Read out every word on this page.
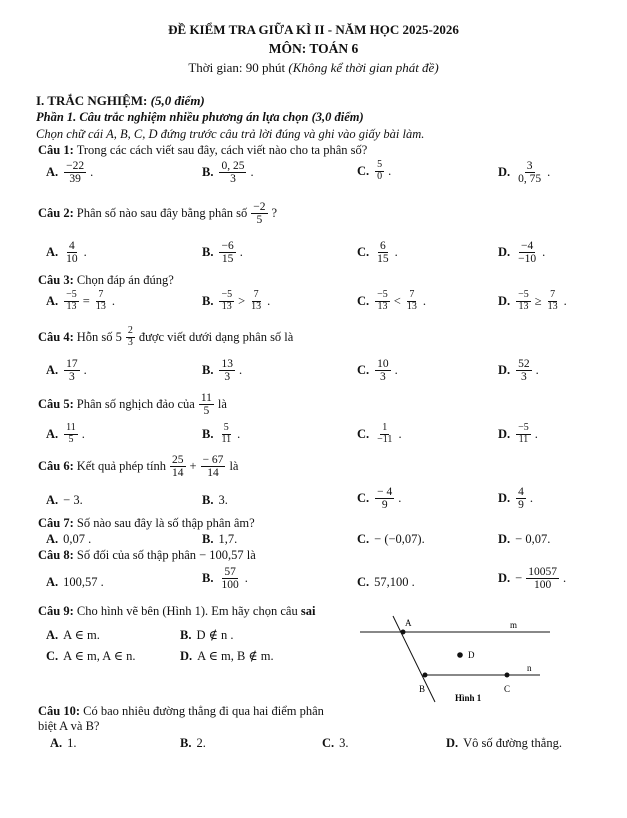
ĐỀ KIỂM TRA GIỮA KÌ II - NĂM HỌC 2025-2026
MÔN: TOÁN 6
Thời gian: 90 phút (Không kể thời gian phát đề)
I. TRẮC NGHIỆM: (5,0 điểm)
Phần 1. Câu trắc nghiệm nhiều phương án lựa chọn (3,0 điểm)
Chọn chữ cái A, B, C, D đứng trước câu trả lời đúng và ghi vào giấy bài làm.
Câu 1: Trong các cách viết sau đây, cách viết nào cho ta phân số?
A. $\frac{-22}{39}$ .	B. $\frac{0, 25}{3}$ .	C. $\frac{5}{0}$ .	D. $\frac{3}{0, 75}$ .
Câu 2: Phân số nào sau đây bằng phân số $\frac{-2}{5}$ ?
A. $\frac{4}{10}$ .	B. $\frac{-6}{15}$ .	C. $\frac{6}{15}$ .	D. $\frac{-4}{-10}$ .
Câu 3: Chọn đáp án đúng?
A. $\frac{-5}{13} = \frac{7}{13}$ .	B. $\frac{-5}{13} > \frac{7}{13}$ .	C. $\frac{-5}{13} < \frac{7}{13}$ .	D. $\frac{-5}{13} \ge \frac{7}{13}$ .
Câu 4: Hỗn số $5 \frac{2}{3}$ được viết dưới dạng phân số là
A. $\frac{17}{3}$ .	B. $\frac{13}{3}$ .	C. $\frac{10}{3}$ .	D. $\frac{52}{3}$ .
Câu 5: Phân số nghịch đảo của $\frac{11}{5}$ là
A. $\frac{11}{5}$ .	B. $\frac{5}{11}$ .	C. $\frac{1}{-11}$ .	D. $\frac{-5}{11}$ .
Câu 6: Kết quả phép tính $\frac{25}{14} + \frac{- 67}{14}$ là
A. − 3.	B. 3.	C. $\frac{- 4}{9}$ .	D. $\frac{4}{9}$ .
Câu 7: Số nào sau đây là số thập phân âm?
A. 0,07 .	B. 1,7.	C. − (−0,07).	D. − 0,07.
Câu 8: Số đối của số thập phân − 100,57 là
A. 100,57 .	B. $\frac{57}{100}$ .	C. 57,100 .	D. − $\frac{10057}{100}$ .
Câu 9: Cho hình vẽ bên (Hình 1). Em hãy chọn câu sai
A. A ∈ m.	B. D ∉ n .
C. A ∈ m, A ∈ n.	D. A ∈ m, B ∉ m.
A
B	C
D
m
n
Hình 1
Câu 10: Có bao nhiêu đường thẳng đi qua hai điểm phân
biệt A và B?
A. 1.	B. 2.	C. 3.	D. Vô số đường thẳng.
